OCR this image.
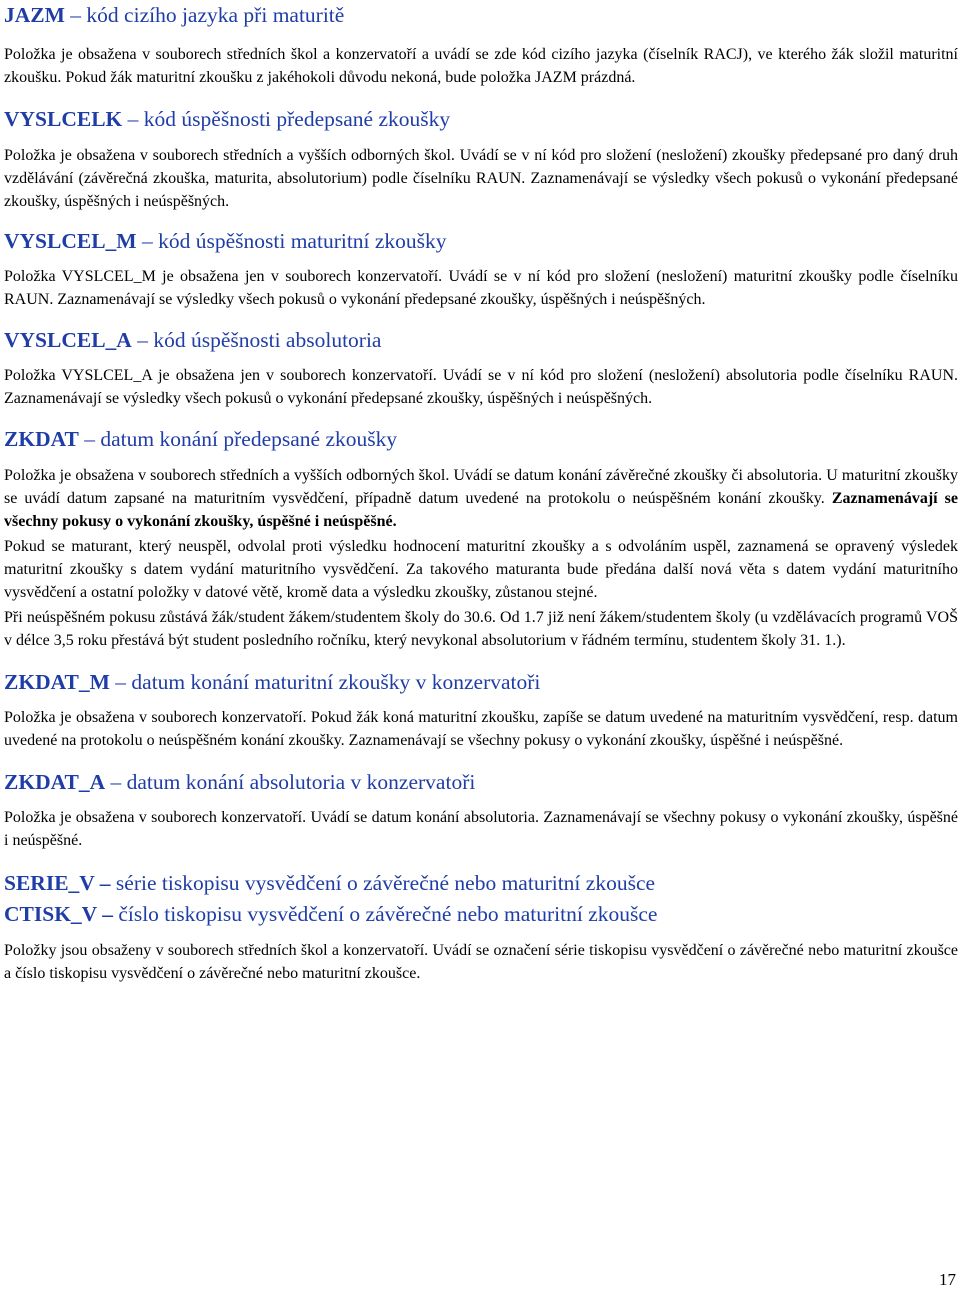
JAZM – kód cizího jazyka při maturitě

Položka je obsažena v souborech středních škol a konzervatoří a uvádí se zde kód cizího jazyka (číselník RACJ), ve kterého žák složil maturitní zkoušku. Pokud žák maturitní zkoušku z jakéhokoli důvodu nekoná, bude položka JAZM prázdná.

VYSLCELK – kód úspěšnosti předepsané zkoušky

Položka je obsažena v souborech středních a vyšších odborných škol. Uvádí se v ní kód pro složení (nesložení) zkoušky předepsané pro daný druh vzdělávání (závěrečná zkouška, maturita, absolutorium) podle číselníku RAUN. Zaznamenávají se výsledky všech pokusů o vykonání předepsané zkoušky, úspěšných i neúspěšných.

VYSLCEL_M – kód úspěšnosti maturitní zkoušky

Položka VYSLCEL_M je obsažena jen v souborech konzervatoří. Uvádí se v ní kód pro složení (nesložení) maturitní zkoušky podle číselníku RAUN. Zaznamenávají se výsledky všech pokusů o vykonání předepsané zkoušky, úspěšných i neúspěšných.

VYSLCEL_A – kód úspěšnosti absolutoria

Položka VYSLCEL_A je obsažena jen v souborech konzervatoří. Uvádí se v ní kód pro složení (nesložení) absolutoria podle číselníku RAUN. Zaznamenávají se výsledky všech pokusů o vykonání předepsané zkoušky, úspěšných i neúspěšných.

ZKDAT – datum konání předepsané zkoušky

Položka je obsažena v souborech středních a vyšších odborných škol. Uvádí se datum konání závěrečné zkoušky či absolutoria. U maturitní zkoušky se uvádí datum zapsané na maturitním vysvědčení, případně datum uvedené na protokolu o neúspěšném konání zkoušky. Zaznamenávají se všechny pokusy o vykonání zkoušky, úspěšné i neúspěšné.

Pokud se maturant, který neuspěl, odvolal proti výsledku hodnocení maturitní zkoušky a s odvoláním uspěl, zaznamená se opravený výsledek maturitní zkoušky s datem vydání maturitního vysvědčení. Za takového maturanta bude předána další nová věta s datem vydání maturitního vysvědčení a ostatní položky v datové větě, kromě data a výsledku zkoušky, zůstanou stejné.

Při neúspěšném pokusu zůstává žák/student žákem/studentem školy do 30.6. Od 1.7 již není žákem/studentem školy (u vzdělávacích programů VOŠ v délce 3,5 roku přestává být student posledního ročníku, který nevykonal absolutorium v řádném termínu, studentem školy 31. 1.).

ZKDAT_M – datum konání maturitní zkoušky v konzervatoři

Položka je obsažena v souborech konzervatoří. Pokud žák koná maturitní zkoušku, zapíše se datum uvedené na maturitním vysvědčení, resp. datum uvedené na protokolu o neúspěšném konání zkoušky. Zaznamenávají se všechny pokusy o vykonání zkoušky, úspěšné i neúspěšné.

ZKDAT_A – datum konání absolutoria v konzervatoři

Položka je obsažena v souborech konzervatoří. Uvádí se datum konání absolutoria. Zaznamenávají se všechny pokusy o vykonání zkoušky, úspěšné i neúspěšné.

SERIE_V – série tiskopisu vysvědčení o závěrečné nebo maturitní zkoušce
CTISK_V – číslo tiskopisu vysvědčení o závěrečné nebo maturitní zkoušce

Položky jsou obsaženy v souborech středních škol a konzervatoří. Uvádí se označení série tiskopisu vysvědčení o závěrečné nebo maturitní zkoušce a číslo tiskopisu vysvědčení o závěrečné nebo maturitní zkoušce.

17
